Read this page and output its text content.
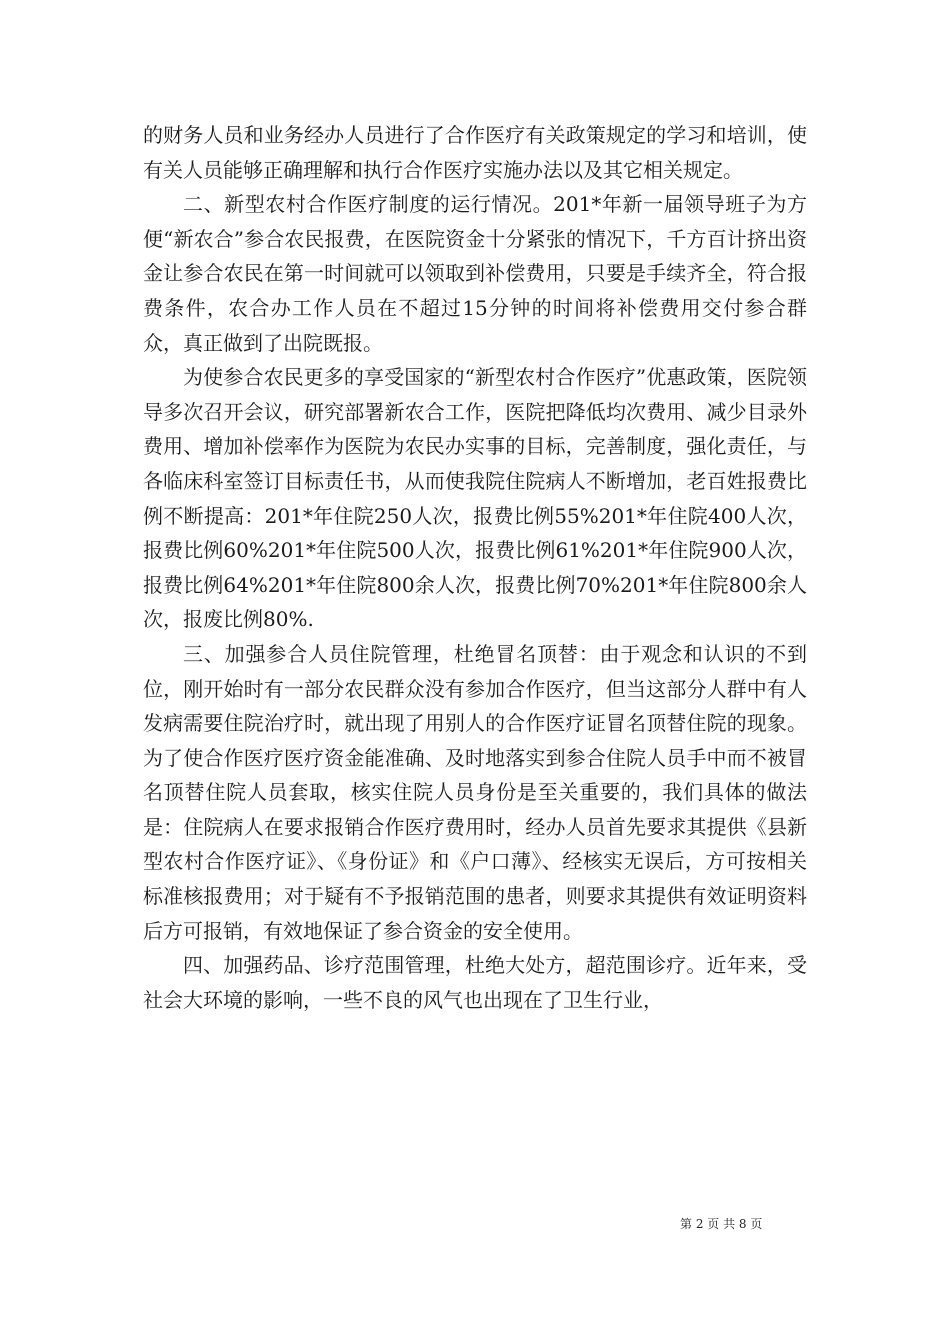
的财务人员和业务经办人员进行了合作医疗有关政策规定的学习和培训，使有关人员能够正确理解和执行合作医疗实施办法以及其它相关规定。

二、新型农村合作医疗制度的运行情况。201*年新一届领导班子为方便“新农合”参合农民报费，在医院资金十分紧张的情况下，千方百计挤出资金让参合农民在第一时间就可以领取到补偿费用，只要是手续齐全，符合报费条件，农合办工作人员在不超过15分钟的时间将补偿费用交付参合群众，真正做到了出院既报。

为使参合农民更多的享受国家的“新型农村合作医疗”优惠政策，医院领导多次召开会议，研究部署新农合工作，医院把降低均次费用、减少目录外费用、增加补偿率作为医院为农民办实事的目标，完善制度，强化责任，与各临床科室签订目标责任书，从而使我院住院病人不断增加，老百姓报费比例不断提高：201*年住院250人次，报费比例55%201*年住院400人次，报费比例60%201*年住院500人次，报费比例61%201*年住院900人次，报费比例64%201*年住院800余人次，报费比例70%201*年住院800余人次，报废比例80%.

三、加强参合人员住院管理，杜绝冒名顶替：由于观念和认识的不到位，刚开始时有一部分农民群众没有参加合作医疗，但当这部分人群中有人发病需要住院治疗时，就出现了用别人的合作医疗证冒名顶替住院的现象。为了使合作医疗医疗资金能准确、及时地落实到参合住院人员手中而不被冒名顶替住院人员套取，核实住院人员身份是至关重要的，我们具体的做法是：住院病人在要求报销合作医疗费用时，经办人员首先要求其提供《县新型农村合作医疗证》、《身份证》和《户口薄》、经核实无误后，方可按相关标准核报费用；对于疑有不予报销范围的患者，则要求其提供有效证明资料后方可报销，有效地保证了参合资金的安全使用。

四、加强药品、诊疗范围管理，杜绝大处方，超范围诊疗。近年来，受社会大环境的影响，一些不良的风气也出现在了卫生行业，

第 2 页 共 8 页
